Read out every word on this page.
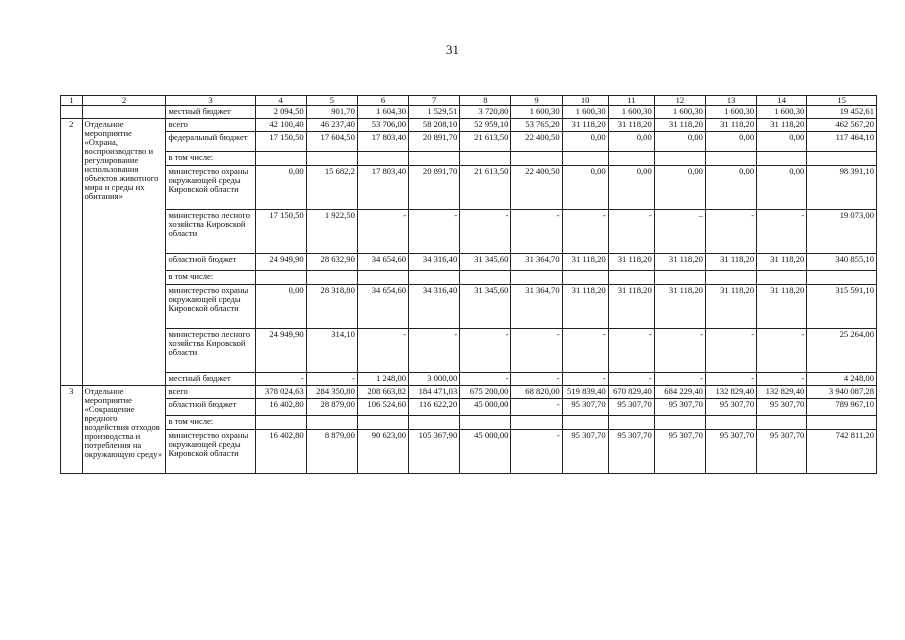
31
1	2	3	4	5	6	7	8	9	10	11	12	13	14	15
		местный бюджет	2 094,50	901,70	1 604,30	1 529,51	3 720,80	1 600,30	1 600,30	1 600,30	1 600,30	1 600,30	1 600,30	19 452,61
2	Отдельное мероприятие «Охрана, воспроизводство и регулирование использования объектов животного мира и среды их обитания»	всего	42 100,40	46 237,40	53 706,00	58 208,10	52 959,10	53 765,20	31 118,20	31 118,20	31 118,20	31 118,20	31 118,20	462 567,20
		федеральный бюджет	17 150,50	17 604,50	17 803,40	20 891,70	21 613,50	22 400,50	0,00	0,00	0,00	0,00	0,00	117 464,10
		в том числе:												
		министерство охраны окружающей среды Кировской области	0,00	15 682,2	17 803,40	20 891,70	21 613,50	22 400,50	0,00	0,00	0,00	0,00	0,00	98 391,10
		министерство лесного хозяйства Кировской области	17 150,50	1 922,50	-	-	-	-	-	-	–	-	-	19 073,00
		областной бюджет	24 949,90	28 632,90	34 654,60	34 316,40	31 345,60	31 364,70	31 118,20	31 118,20	31 118,20	31 118,20	31 118,20	340 855,10
		в том числе:												
		министерство охраны окружающей среды Кировской области	0,00	28 318,80	34 654,60	34 316,40	31 345,60	31 364,70	31 118,20	31 118,20	31 118,20	31 118,20	31 118,20	315 591,10
		министерство лесного хозяйства Кировской области	24 949,90	314,10	-	-	-	-	-	-	-	-	-	25 264,00
		местный бюджет	-	-	1 248,00	3 000,00	-	-	-	-	-	-	-	4 248,00
3	Отдельное мероприятие «Сокращение вредного воздействия отходов производства и потребления на окружающую среду»	всего	378 024,63	284 350,80	208 663,82	184 471,03	675 200,00	68 820,00	519 839,40	670 829,40	684 229,40	132 829,40	132 829,40	3 940 087,28
		областной бюджет	16 402,80	28 879,00	106 524,60	116 622,20	45 000,00	-	95 307,70	95 307,70	95 307,70	95 307,70	95 307,70	789 967,10
		в том числе:												
		министерство охраны окружающей среды Кировской области	16 402,80	8 879,00	90 623,00	105 367,90	45 000,00	-	95 307,70	95 307,70	95 307,70	95 307,70	95 307,70	742 811,20
